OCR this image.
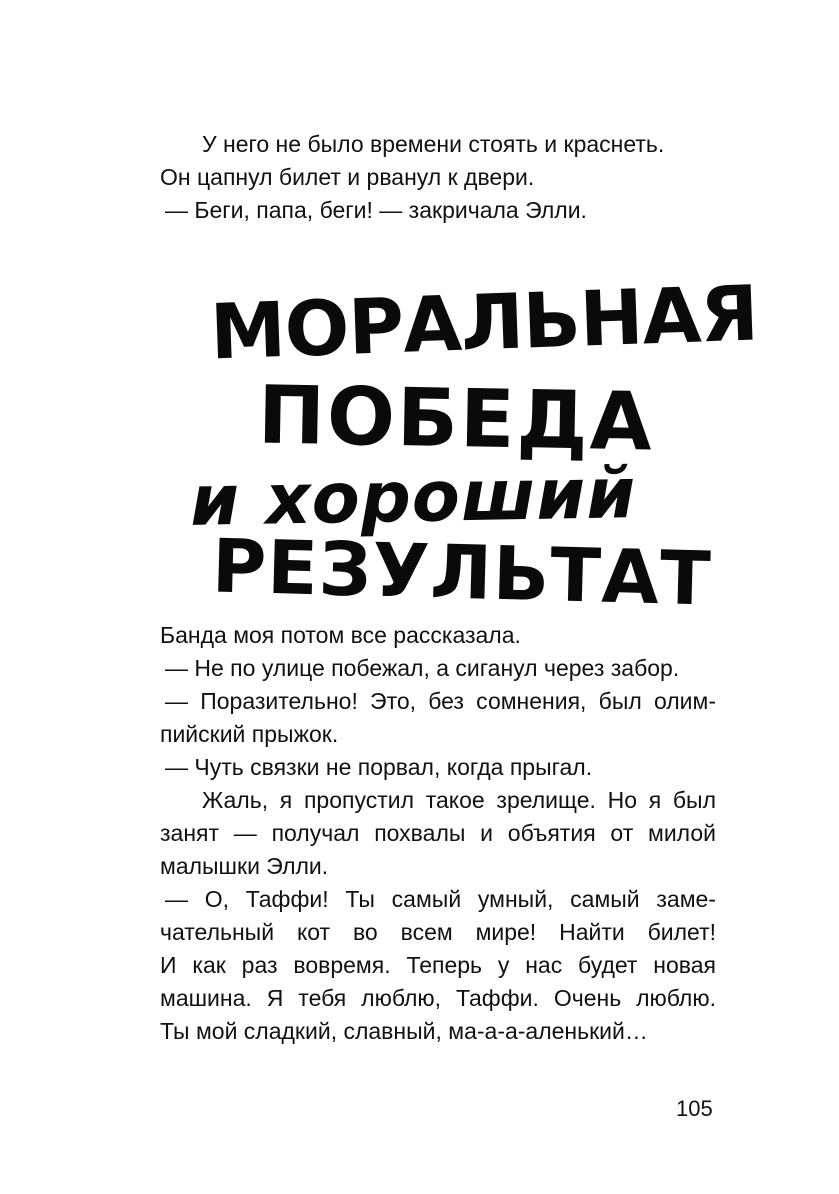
У него не было времени стоять и краснеть.
Он цапнул билет и рванул к двери.
— Беги, папа, беги! — закричала Элли.
МОРАЛЬНАЯ
ПОБЕДА
и хороший
РЕЗУЛЬТАТ
Банда моя потом все рассказала.
— Не по улице побежал, а сиганул через забор.
— Поразительно! Это, без сомнения, был олим-
пийский прыжок.
— Чуть связки не порвал, когда прыгал.
Жаль, я пропустил такое зрелище. Но я был
занят — получал похвалы и объятия от милой
малышки Элли.
— О, Таффи! Ты самый умный, самый заме-
чательный кот во всем мире! Найти билет!
И как раз вовремя. Теперь у нас будет новая
машина. Я тебя люблю, Таффи. Очень люблю.
Ты мой сладкий, славный, ма-а-а-аленький…
105
